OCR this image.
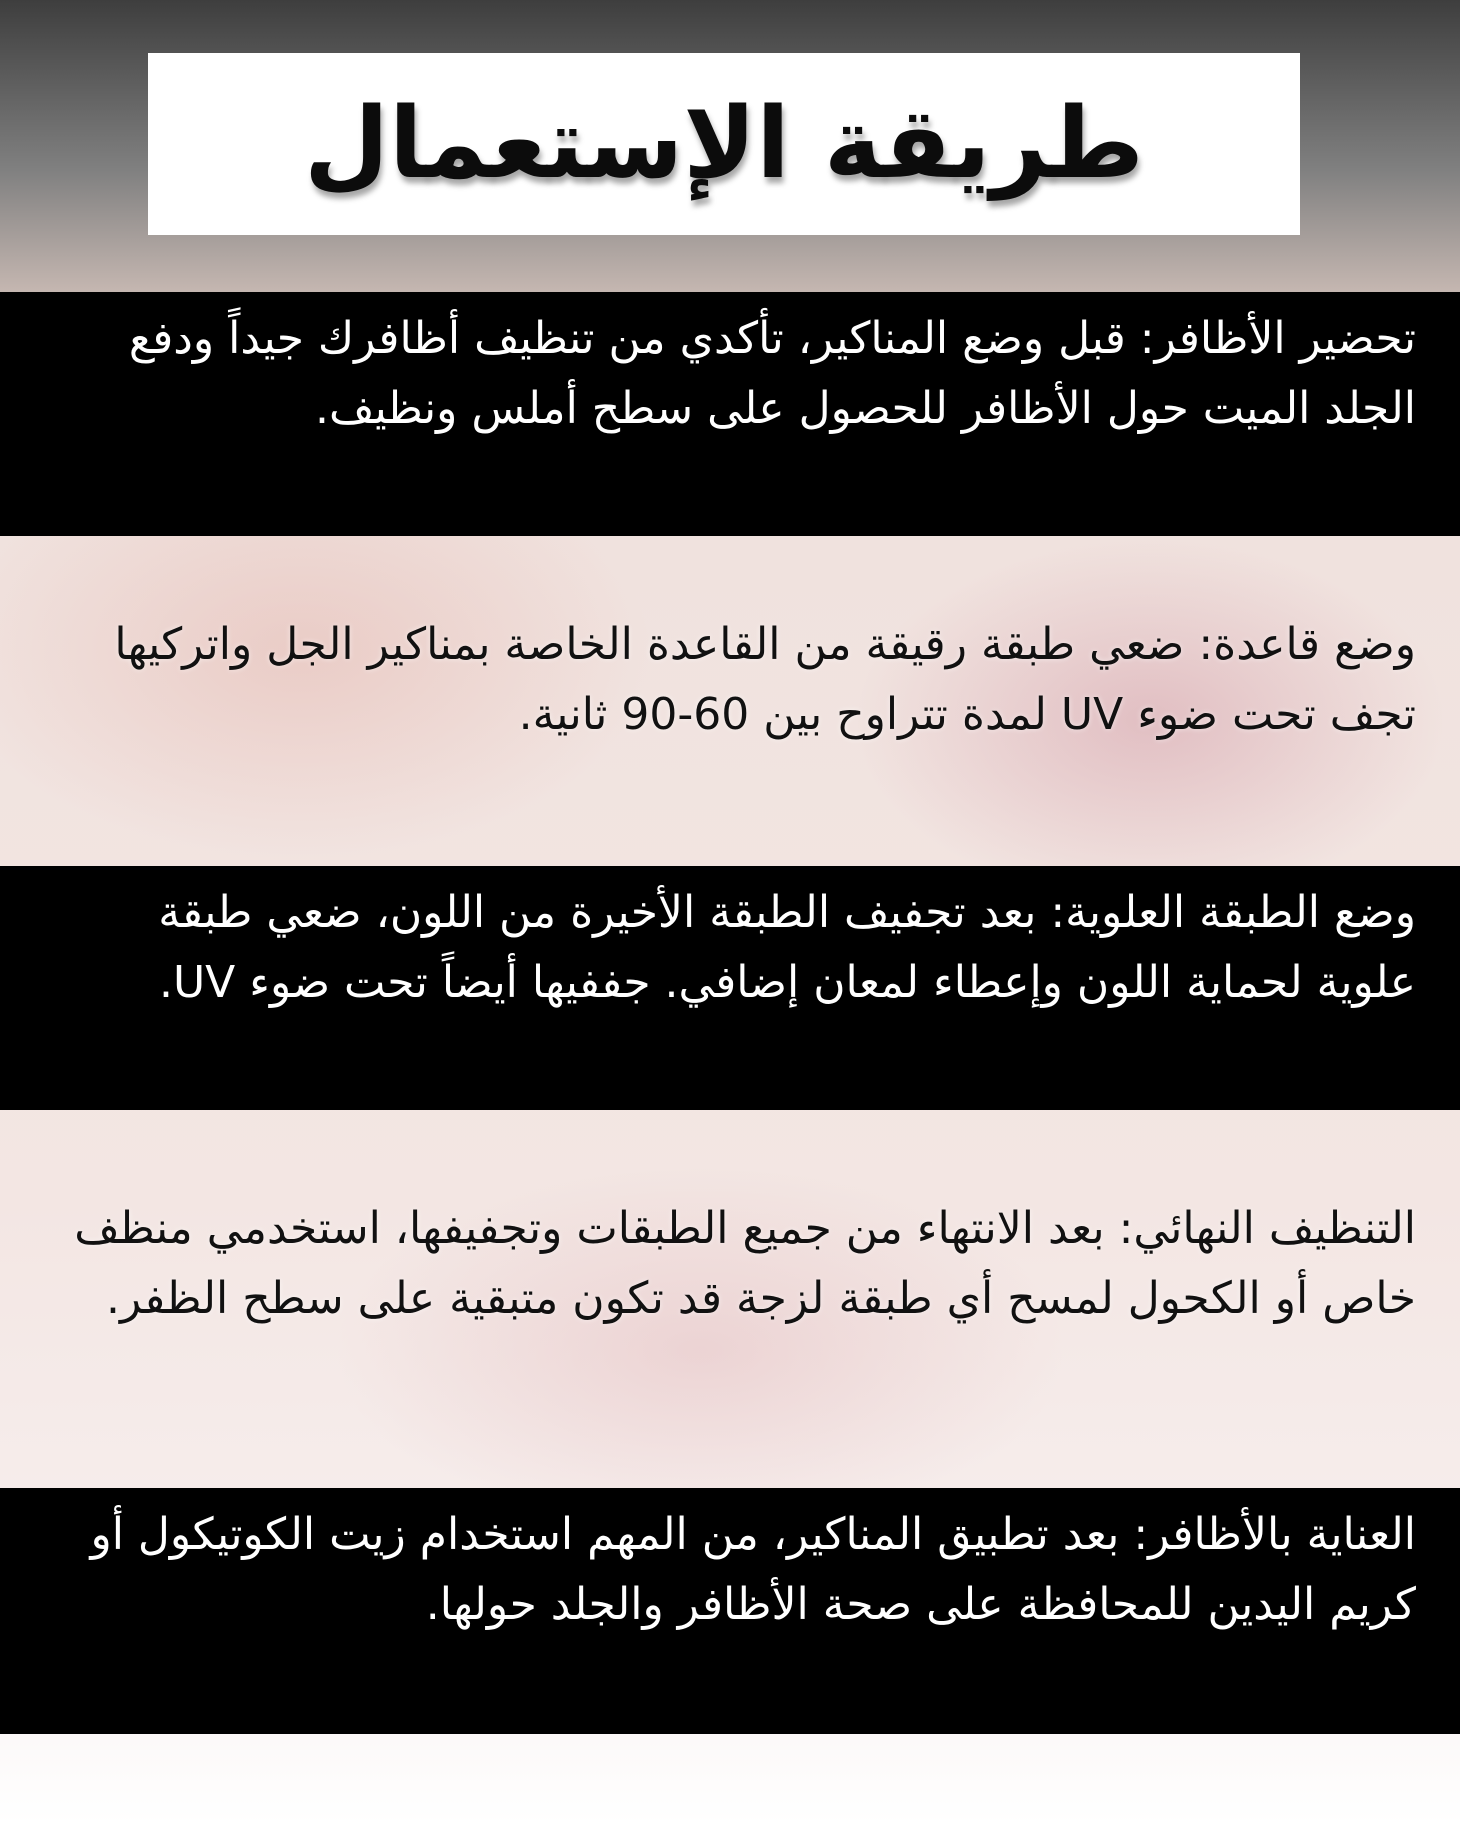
طريقة الإستعمال
تحضير الأظافر: قبل وضع المناكير، تأكدي من تنظيف أظافرك جيداً ودفع الجلد الميت حول الأظافر للحصول على سطح أملس ونظيف.
وضع قاعدة: ضعي طبقة رقيقة من القاعدة الخاصة بمناكير الجل واتركيها تجف تحت ضوء UV لمدة تتراوح بين 60-90 ثانية.
وضع الطبقة العلوية: بعد تجفيف الطبقة الأخيرة من اللون، ضعي طبقة علوية لحماية اللون وإعطاء لمعان إضافي. جففيها أيضاً تحت ضوء UV.
التنظيف النهائي: بعد الانتهاء من جميع الطبقات وتجفيفها، استخدمي منظف خاص أو الكحول لمسح أي طبقة لزجة قد تكون متبقية على سطح الظفر.
العناية بالأظافر: بعد تطبيق المناكير، من المهم استخدام زيت الكوتيكول أو كريم اليدين للمحافظة على صحة الأظافر والجلد حولها.
